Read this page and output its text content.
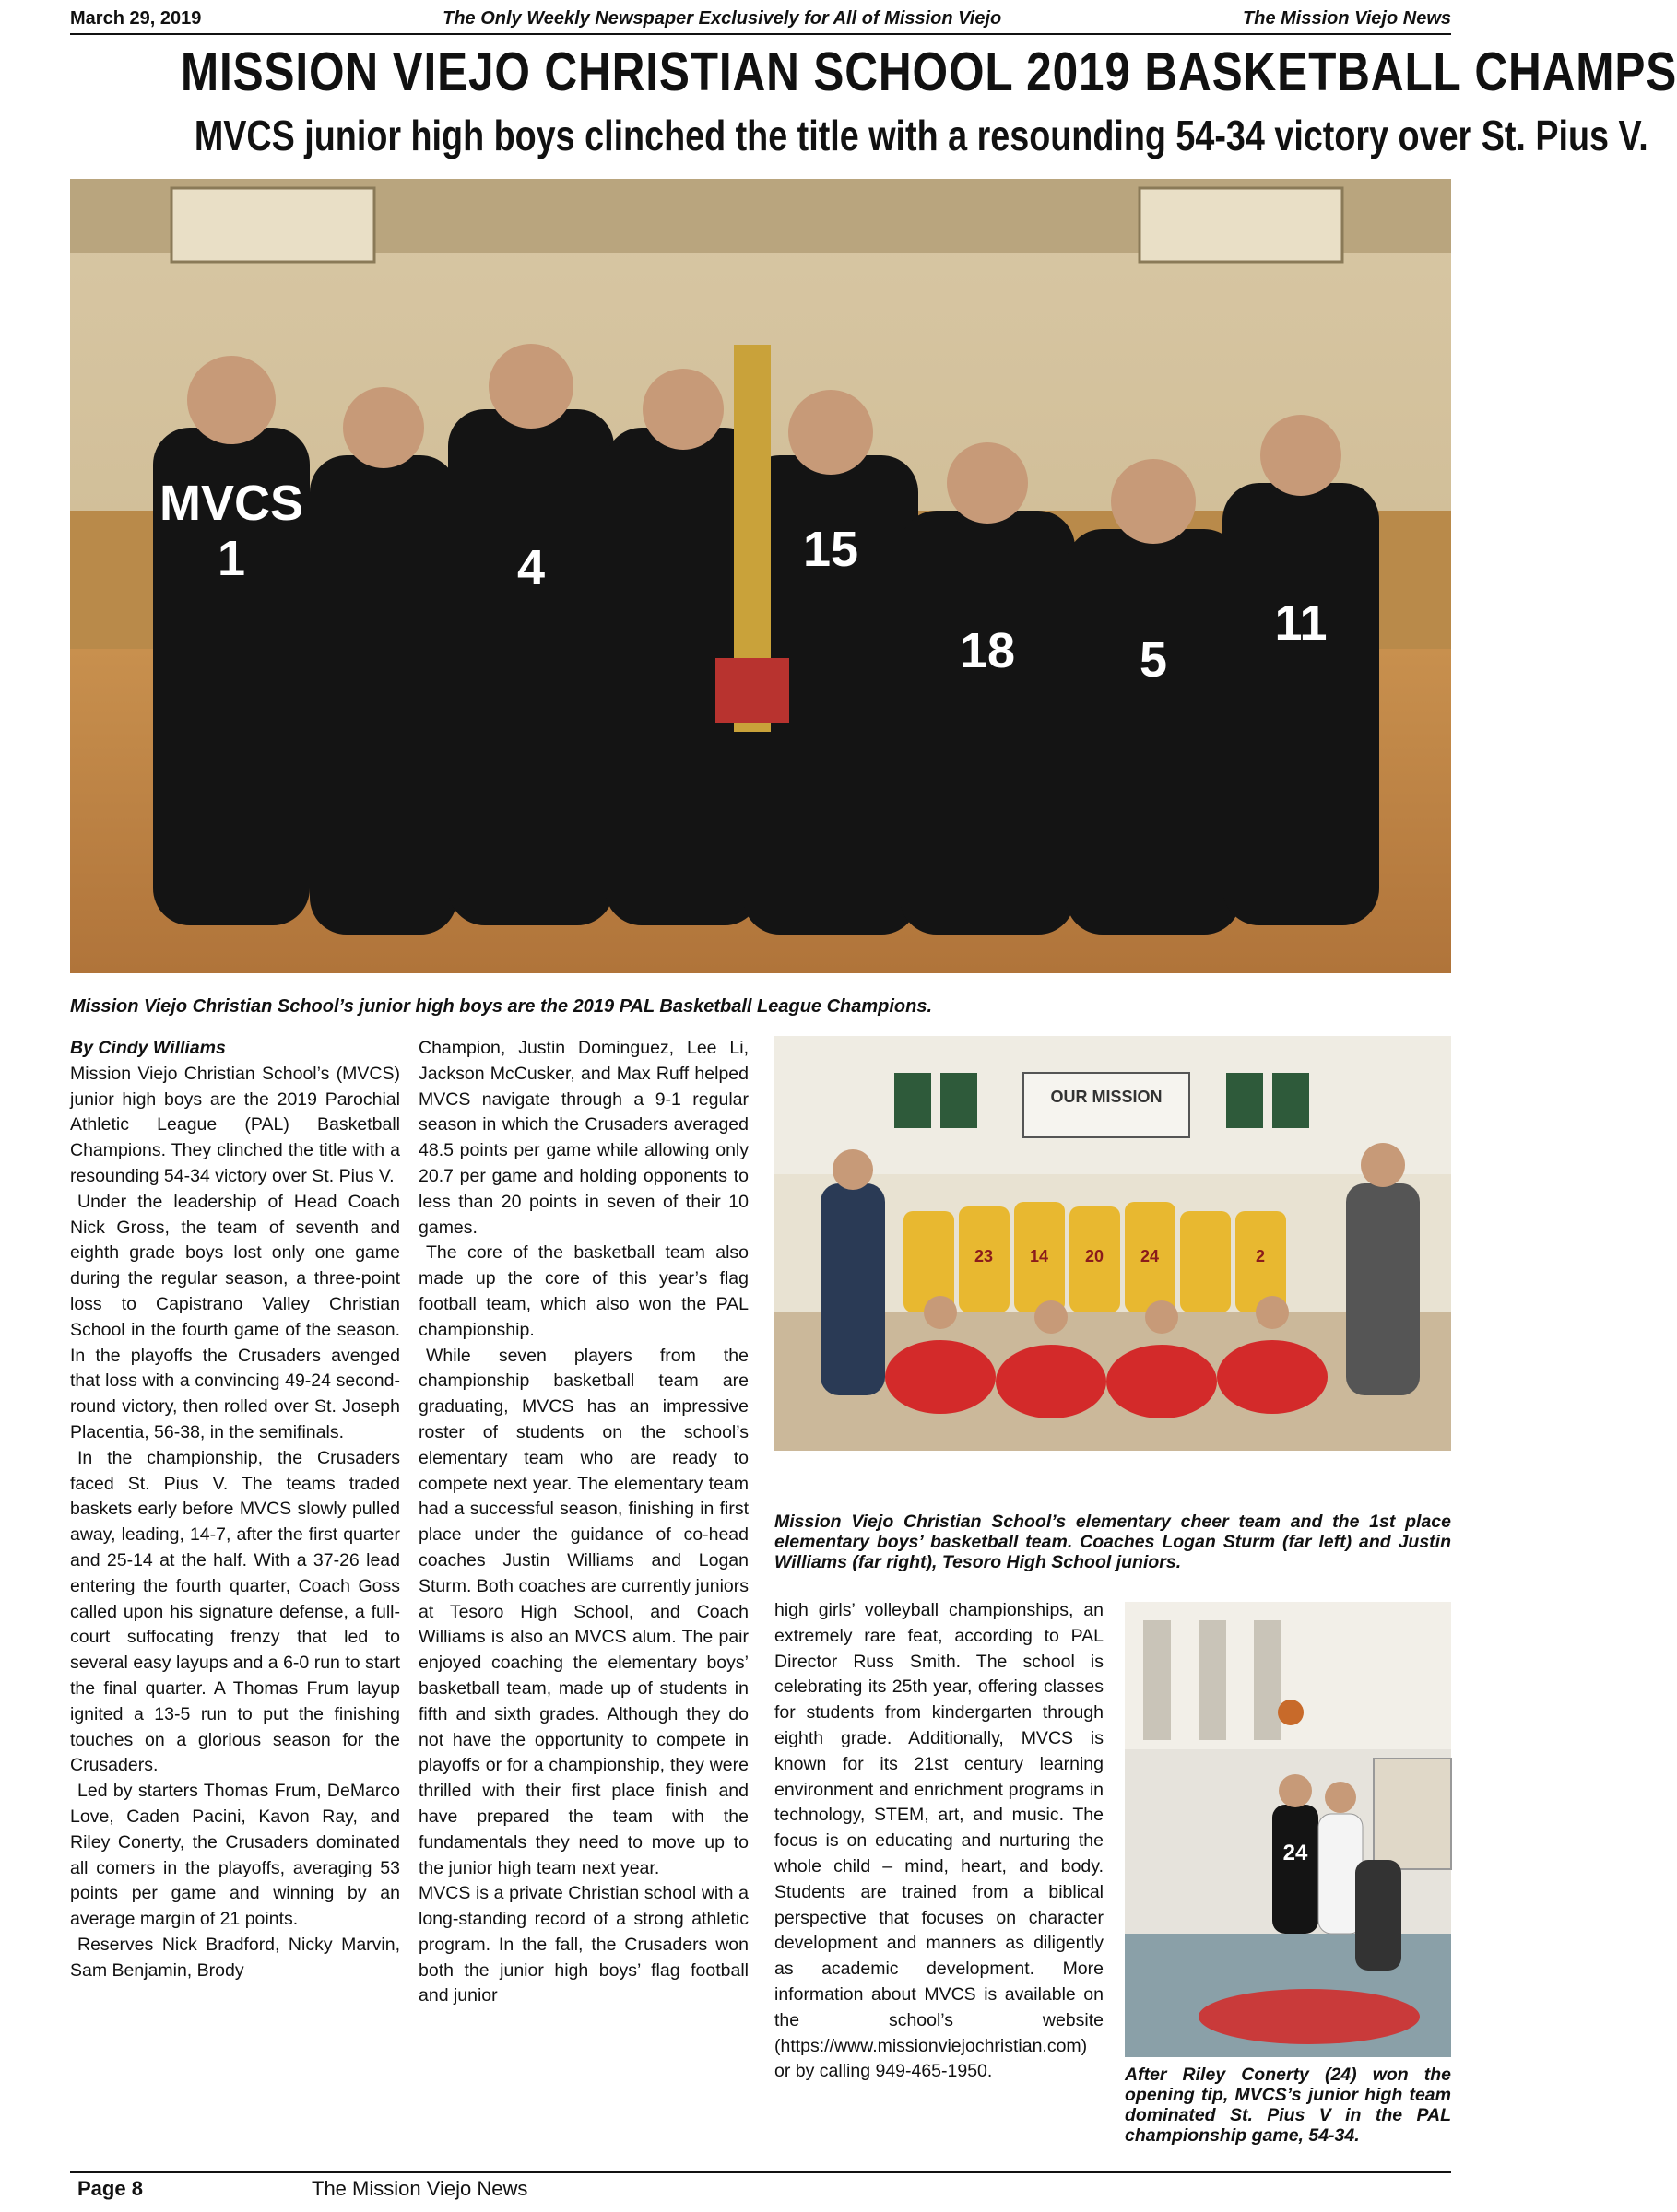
March 29, 2019	The Only Weekly Newspaper Exclusively for All of Mission Viejo	The Mission Viejo News
MISSION VIEJO CHRISTIAN SCHOOL 2019 BASKETBALL CHAMPS
MVCS junior high boys clinched the title with a resounding 54-34 victory over St. Pius V.
MVCS
1	4	15
18 5
11
Mission Viejo Christian School’s junior high boys are the 2019 PAL Basketball League Champions.

By Cindy Williams

Mission Viejo Christian School’s (MVCS) junior high boys are the 2019 Parochial Athletic League (PAL) Basketball Champions. They clinched the title with a resounding 54-34 victory over St. Pius V.

Under the leadership of Head Coach Nick Gross, the team of seventh and eighth grade boys lost only one game during the regular season, a three-point loss to Capistrano Valley Christian School in the fourth game of the season. In the playoffs the Crusaders avenged that loss with a convincing 49-24 second-round victory, then rolled over St. Joseph Placentia, 56-38, in the semifinals.

In the championship, the Crusaders faced St. Pius V. The teams traded baskets early before MVCS slowly pulled away, leading, 14-7, after the first quarter and 25-14 at the half. With a 37-26 lead entering the fourth quarter, Coach Goss called upon his signature defense, a full-court suffocating frenzy that led to several easy layups and a 6-0 run to start the final quarter. A Thomas Frum layup ignited a 13-5 run to put the finishing touches on a glorious season for the Crusaders.

Led by starters Thomas Frum, DeMarco Love, Caden Pacini, Kavon Ray, and Riley Conerty, the Crusaders dominated all comers in the playoffs, averaging 53 points per game and winning by an average margin of 21 points.

Reserves Nick Bradford, Nicky Marvin, Sam Benjamin, Brody

Champion, Justin Dominguez, Lee Li, Jackson McCusker, and Max Ruff helped MVCS navigate through a 9-1 regular season in which the Crusaders averaged 48.5 points per game while allowing only 20.7 per game and holding opponents to less than 20 points in seven of their 10 games.

The core of the basketball team also made up the core of this year’s flag football team, which also won the PAL championship.

While seven players from the championship basketball team are graduating, MVCS has an impressive roster of students on the school’s elementary team who are ready to compete next year. The elementary team had a successful season, finishing in first place under the guidance of co-head coaches Justin Williams and Logan Sturm. Both coaches are currently juniors at Tesoro High School, and Coach Williams is also an MVCS alum. The pair enjoyed coaching the elementary boys’ basketball team, made up of students in fifth and sixth grades. Although they do not have the opportunity to compete in playoffs or for a championship, they were thrilled with their first place finish and have prepared the team with the fundamentals they need to move up to the junior high team next year.

MVCS is a private Christian school with a long-standing record of a strong athletic program. In the fall, the Crusaders won both the junior high boys’ flag football and junior

OUR MISSION
23 14 20 24	2
Mission Viejo Christian School’s elementary cheer team and the 1st place elementary boys’ basketball team. Coaches Logan Sturm (far left) and Justin Williams (far right), Tesoro High School juniors.

high girls’ volleyball championships, an extremely rare feat, according to PAL Director Russ Smith. The school is celebrating its 25th year, offering classes for students from kindergarten through eighth grade. Additionally, MVCS is known for its 21st century learning environment and enrichment programs in technology, STEM, art, and music. The focus is on educating and nurturing the whole child – mind, heart, and body. Students are trained from a biblical perspective that focuses on character development and manners as diligently as academic development. More information about MVCS is available on the school’s website (https://www.missionviejochristian.com) or by calling 949-465-1950.

24
After Riley Conerty (24) won the opening tip, MVCS’s junior high team dominated St. Pius V in the PAL championship game, 54-34.
Page 8	The Mission Viejo News
